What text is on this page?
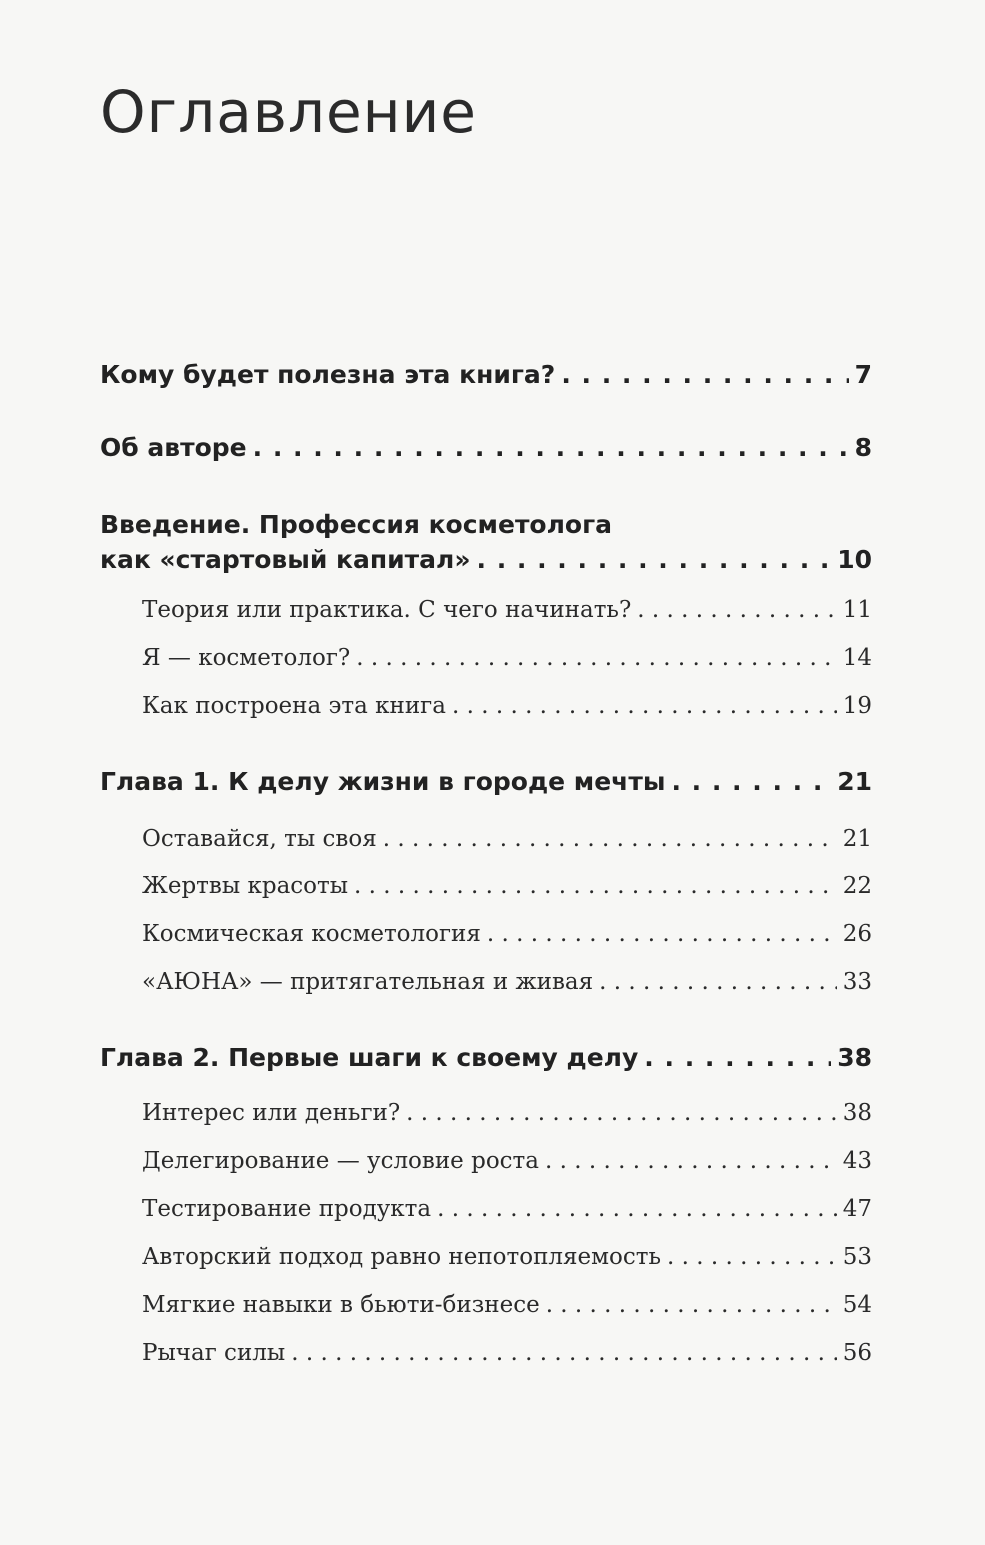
Оглавление
Кому будет полезна эта книга? . . .	7
Об авторе . . .	8
Введение. Профессия косметолога
как «стартовый капитал» . . .	10
Теория или практика. С чего начинать? . . .	11
Я — косметолог? . . .	14
Как построена эта книга . . .	19
Глава 1. К делу жизни в городе мечты . . .	21
Оставайся, ты своя . . .	21
Жертвы красоты . . .	22
Космическая косметология . . .	26
«АЮНА» — притягательная и живая . . .	33
Глава 2. Первые шаги к своему делу . . .	38
Интерес или деньги? . . .	38
Делегирование — условие роста . . .	43
Тестирование продукта . . .	47
Авторский подход равно непотопляемость . . .	53
Мягкие навыки в бьюти-бизнесе . . .	54
Рычаг силы . . .	56
